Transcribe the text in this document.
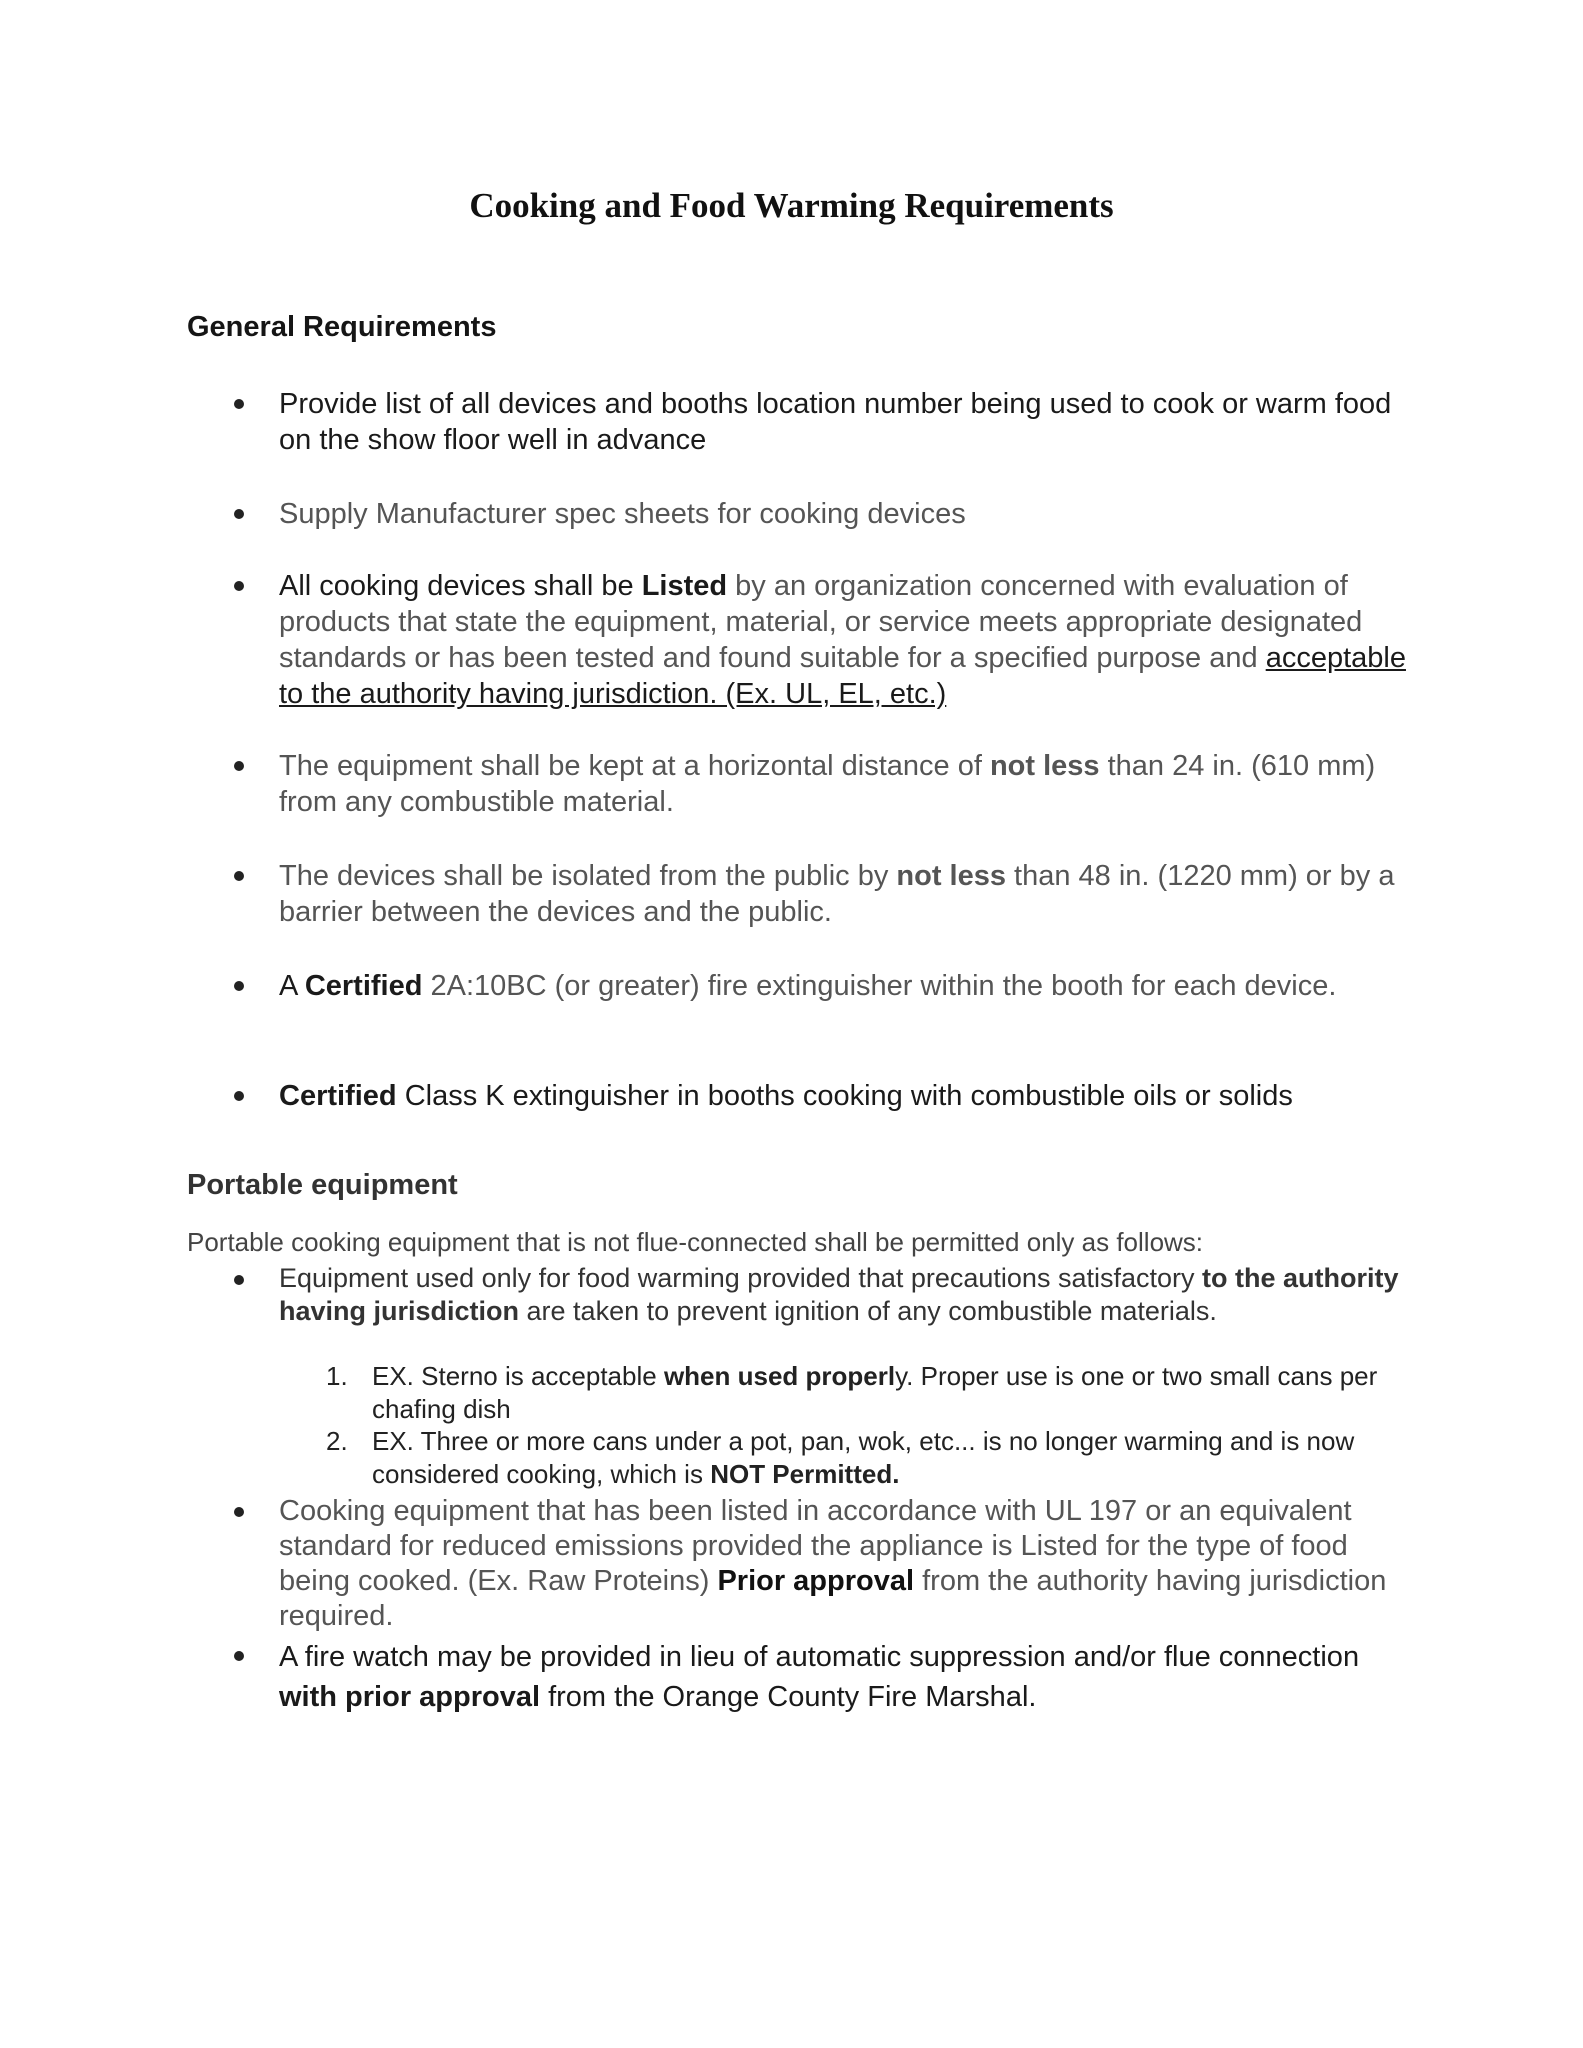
Cooking and Food Warming Requirements
General Requirements
Provide list of all devices and booths location number being used to cook or warm food on the show floor well in advance
Supply Manufacturer spec sheets for cooking devices
All cooking devices shall be Listed by an organization concerned with evaluation of products that state the equipment, material, or service meets appropriate designated standards or has been tested and found suitable for a specified purpose and acceptable to the authority having jurisdiction. (Ex. UL, EL, etc.)
The equipment shall be kept at a horizontal distance of not less than 24 in. (610 mm) from any combustible material.
The devices shall be isolated from the public by not less than 48 in. (1220 mm) or by a barrier between the devices and the public.
A Certified 2A:10BC (or greater) fire extinguisher within the booth for each device.
Certified Class K extinguisher in booths cooking with combustible oils or solids
Portable equipment
Portable cooking equipment that is not flue-connected shall be permitted only as follows:
Equipment used only for food warming provided that precautions satisfactory to the authority having jurisdiction are taken to prevent ignition of any combustible materials.
1. EX. Sterno is acceptable when used properly. Proper use is one or two small cans per chafing dish
2. EX. Three or more cans under a pot, pan, wok, etc... is no longer warming and is now considered cooking, which is NOT Permitted.
Cooking equipment that has been listed in accordance with UL 197 or an equivalent standard for reduced emissions provided the appliance is Listed for the type of food being cooked. (Ex. Raw Proteins) Prior approval from the authority having jurisdiction required.
A fire watch may be provided in lieu of automatic suppression and/or flue connection with prior approval from the Orange County Fire Marshal.
